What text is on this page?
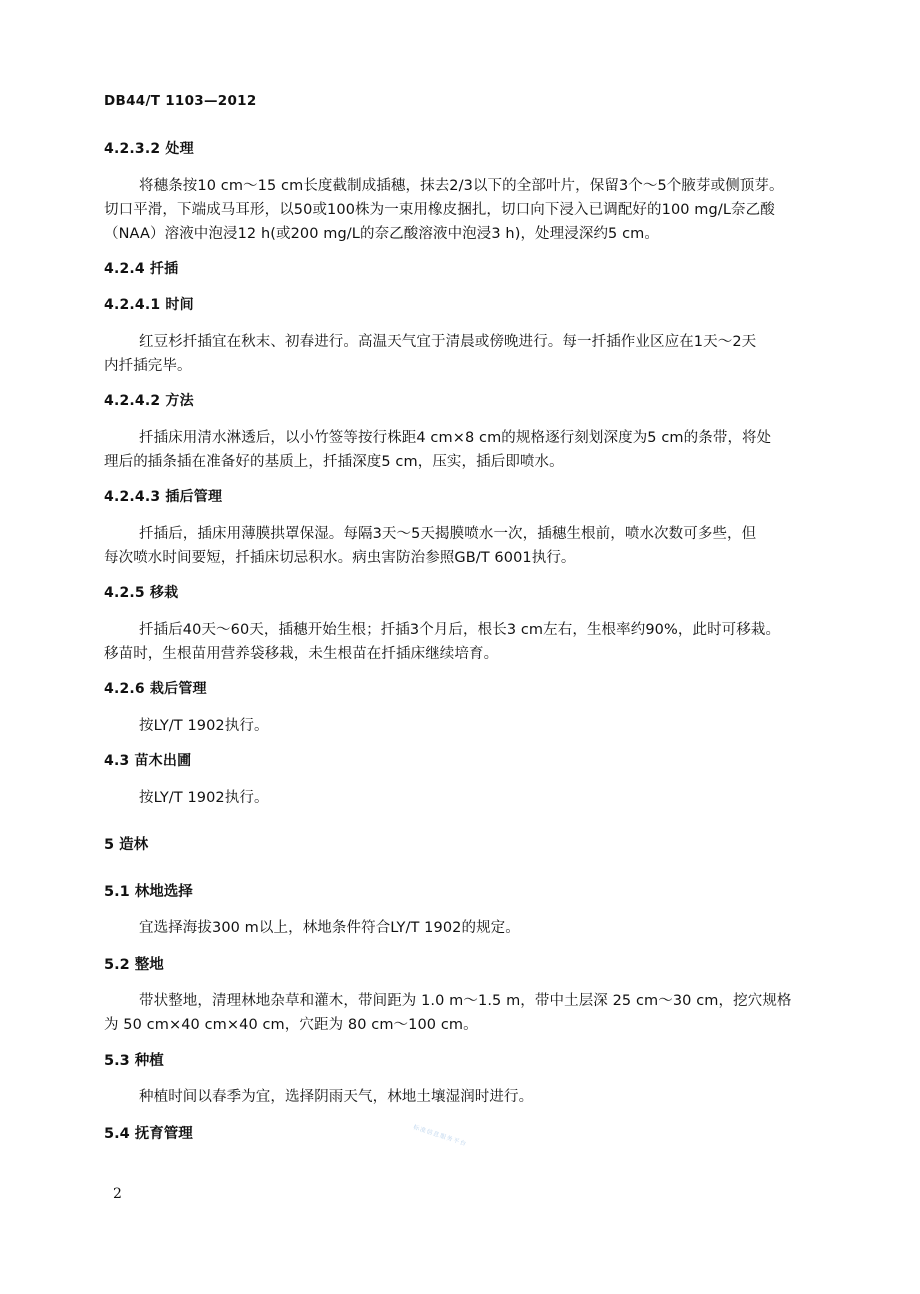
DB44/T 1103—2012
4.2.3.2 处理
将穗条按10 cm～15 cm长度截制成插穗，抹去2/3以下的全部叶片，保留3个～5个腋芽或侧顶芽。
切口平滑，下端成马耳形，以50或100株为一束用橡皮捆扎，切口向下浸入已调配好的100 mg/L奈乙酸
（NAA）溶液中泡浸12 h(或200 mg/L的奈乙酸溶液中泡浸3 h)，处理浸深约5 cm。
4.2.4 扦插
4.2.4.1 时间
红豆杉扦插宜在秋末、初春进行。高温天气宜于清晨或傍晚进行。每一扦插作业区应在1天～2天
内扦插完毕。
4.2.4.2 方法
扦插床用清水淋透后，以小竹签等按行株距4 cm×8 cm的规格逐行刻划深度为5 cm的条带，将处
理后的插条插在准备好的基质上，扦插深度5 cm，压实，插后即喷水。
4.2.4.3 插后管理
扦插后，插床用薄膜拱罩保湿。每隔3天～5天揭膜喷水一次，插穗生根前，喷水次数可多些，但
每次喷水时间要短，扦插床切忌积水。病虫害防治参照GB/T 6001执行。
4.2.5 移栽
扦插后40天～60天，插穗开始生根；扦插3个月后，根长3 cm左右，生根率约90%，此时可移栽。
移苗时，生根苗用营养袋移栽，未生根苗在扦插床继续培育。
4.2.6 栽后管理
按LY/T 1902执行。
4.3 苗木出圃
按LY/T 1902执行。
5 造林
5.1 林地选择
宜选择海拔300 m以上，林地条件符合LY/T 1902的规定。
5.2 整地
带状整地，清理林地杂草和灌木，带间距为 1.0 m～1.5 m，带中土层深 25 cm～30 cm，挖穴规格
为 50 cm×40 cm×40 cm，穴距为 80 cm～100 cm。
5.3 种植
种植时间以春季为宜，选择阴雨天气，林地土壤湿润时进行。
5.4 抚育管理	标准信息服务平台
2
